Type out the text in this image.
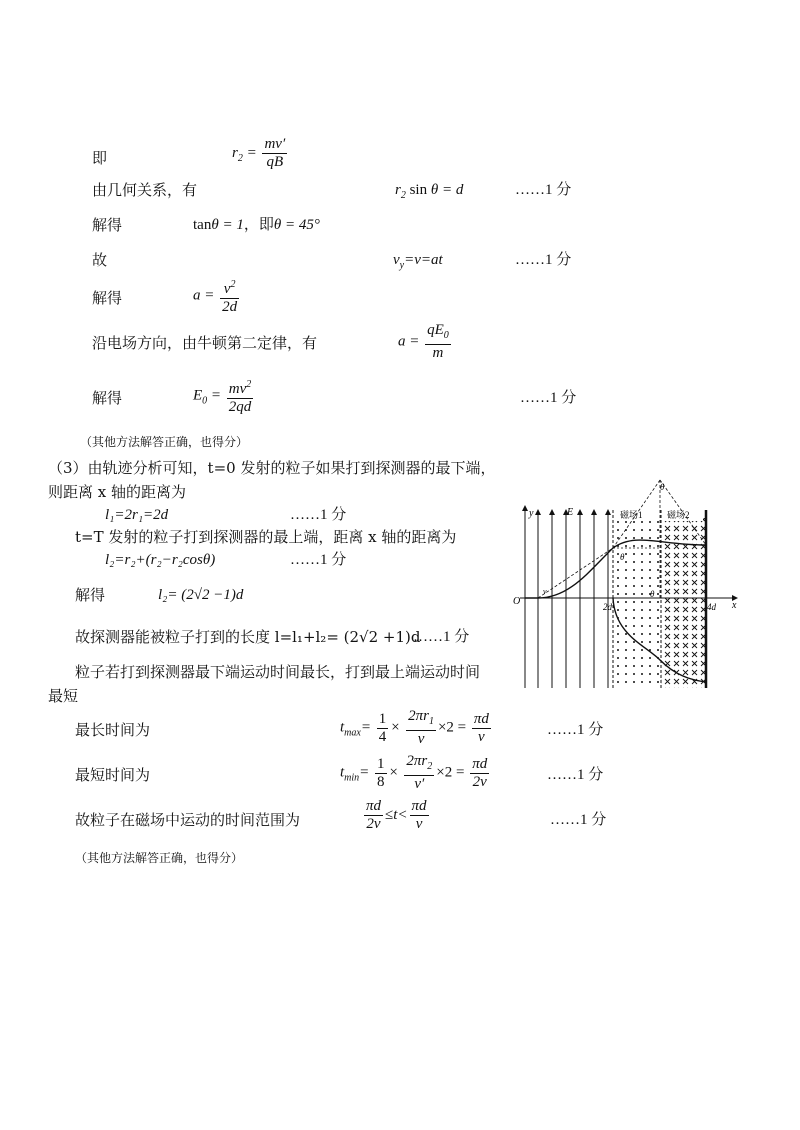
即	$r_2 = \frac{mv'}{qB}$
由几何关系，有	$r_2$ sin θ = d	……1 分
解得	tanθ = 1，即θ = 45°
故	$v_y=v=at$	……1 分
解得	$a = \frac{v^2}{2d}$
沿电场方向，由牛顿第二定律，有	$a = \frac{qE_0}{m}$
解得	$E_0 = \frac{mv^2}{2qd}$	……1 分
（其他方法解答正确，也得分）
（3）由轨迹分析可知，t=0 发射的粒子如果打到探测器的最下端，
则距离 x 轴的距离为
l₁=2r₁=2d	……1 分
t=T 发射的粒子打到探测器的最上端，距离 x 轴的距离为
l₂=r₂+(r₂−r₂cosθ)	……1 分
解得	l₂= (2√2 −1)d
故探测器能被粒子打到的长度 l=l₁+l₂= (2√2 +1)d
……1 分
粒子若打到探测器最下端运动时间最长，打到最上端运动时间
最短
最长时间为	$t_{max}= \frac{1}{4} \times \frac{2\pi r_1}{v} \times 2 = \frac{\pi d}{v}$	……1 分
最短时间为	$t_{min}= \frac{1}{8} \times \frac{2\pi r_2}{v'} \times 2 = \frac{\pi d}{2v}$	……1 分
故粒子在磁场中运动的时间范围为	$\frac{\pi d}{2v} \le t< \frac{\pi d}{v}$	……1 分
（其他方法解答正确，也得分）
磁场1	磁场2
y
x
E
O
v
2d	4d
θ
θ
θ
